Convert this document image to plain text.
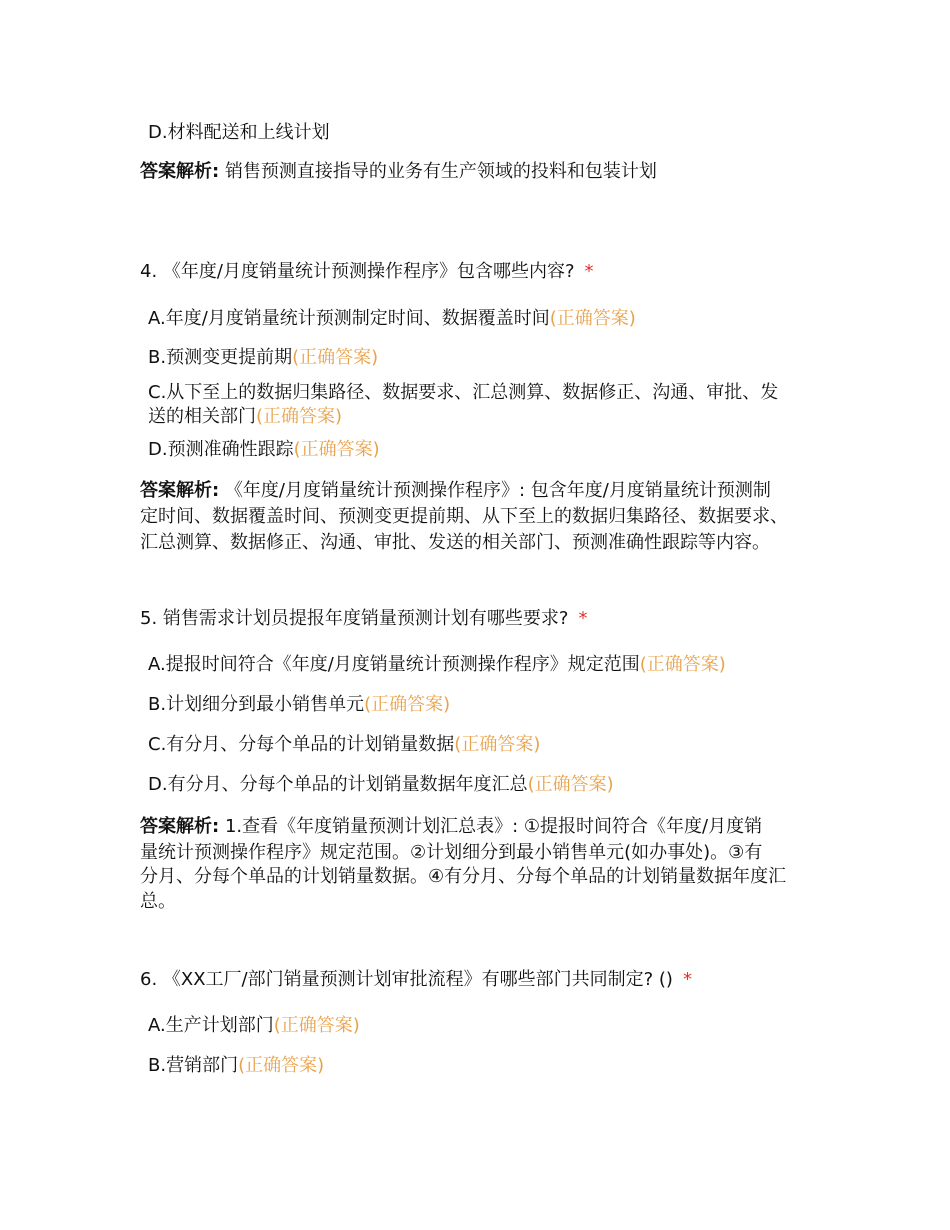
D.材料配送和上线计划
答案解析: 销售预测直接指导的业务有生产领域的投料和包装计划
4. 《年度/月度销量统计预测操作程序》包含哪些内容? *
A.年度/月度销量统计预测制定时间、数据覆盖时间(正确答案)
B.预测变更提前期(正确答案)
C.从下至上的数据归集路径、数据要求、汇总测算、数据修正、沟通、审批、发
送的相关部门(正确答案)
D.预测准确性跟踪(正确答案)
答案解析: 《年度/月度销量统计预测操作程序》: 包含年度/月度销量统计预测制
定时间、数据覆盖时间、预测变更提前期、从下至上的数据归集路径、数据要求、
汇总测算、数据修正、沟通、审批、发送的相关部门、预测准确性跟踪等内容。
5. 销售需求计划员提报年度销量预测计划有哪些要求? *
A.提报时间符合《年度/月度销量统计预测操作程序》规定范围(正确答案)
B.计划细分到最小销售单元(正确答案)
C.有分月、分每个单品的计划销量数据(正确答案)
D.有分月、分每个单品的计划销量数据年度汇总(正确答案)
答案解析: 1.查看《年度销量预测计划汇总表》: ①提报时间符合《年度/月度销
量统计预测操作程序》规定范围。②计划细分到最小销售单元(如办事处)。③有
分月、分每个单品的计划销量数据。④有分月、分每个单品的计划销量数据年度汇
总。
6. 《XX工厂/部门销量预测计划审批流程》有哪些部门共同制定? () *
A.生产计划部门(正确答案)
B.营销部门(正确答案)
